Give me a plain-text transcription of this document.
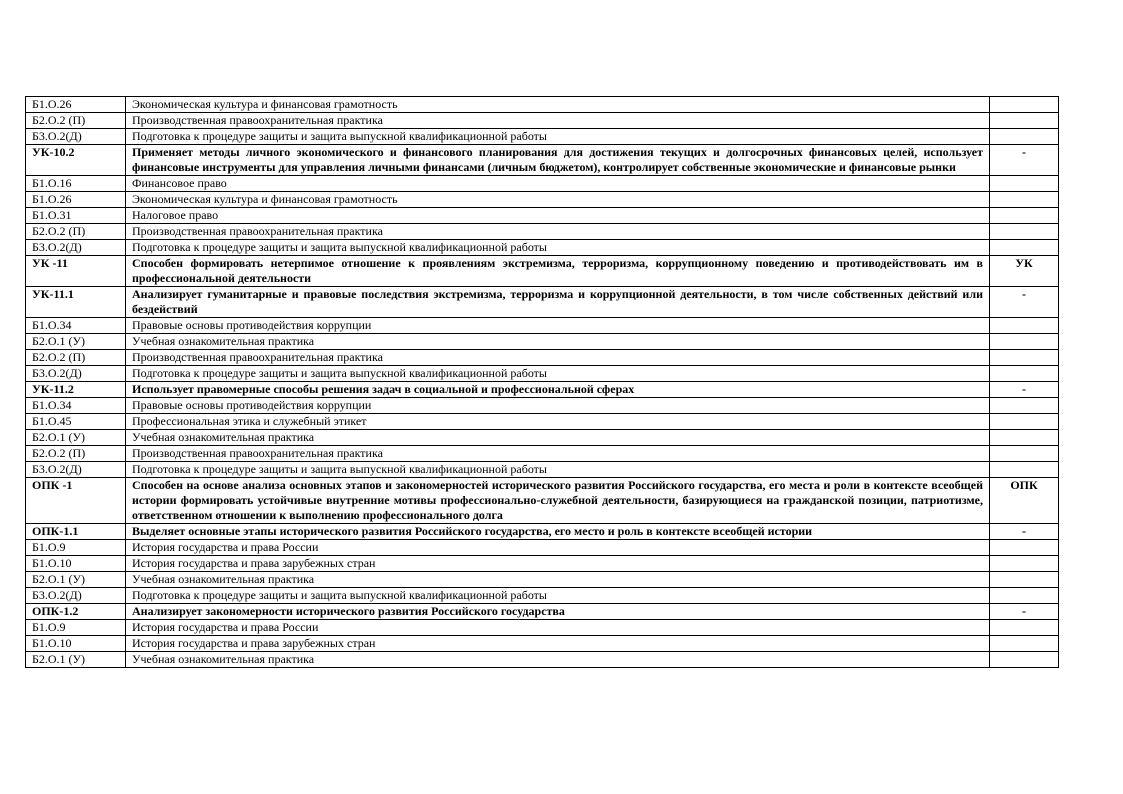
Б1.О.26	Экономическая культура и финансовая грамотность	
Б2.О.2 (П)	Производственная правоохранительная практика	
Б3.О.2(Д)	Подготовка к процедуре защиты и защита выпускной квалификационной работы	
УК-10.2	Применяет методы личного экономического и финансового планирования для достижения текущих и долгосрочных финансовых целей, использует финансовые инструменты для управления личными финансами (личным бюджетом), контролирует собственные экономические и финансовые рынки	-
Б1.О.16	Финансовое право	
Б1.О.26	Экономическая культура и финансовая грамотность	
Б1.О.31	Налоговое право	
Б2.О.2 (П)	Производственная правоохранительная практика	
Б3.О.2(Д)	Подготовка к процедуре защиты и защита выпускной квалификационной работы	
УК -11	Способен формировать нетерпимое отношение к проявлениям экстремизма, терроризма, коррупционному поведению и противодействовать им в профессиональной деятельности	УК
УК-11.1	Анализирует гуманитарные и правовые последствия экстремизма, терроризма и коррупционной деятельности, в том числе собственных действий или бездействий	-
Б1.О.34	Правовые основы противодействия коррупции	
Б2.О.1 (У)	Учебная ознакомительная практика	
Б2.О.2 (П)	Производственная правоохранительная практика	
Б3.О.2(Д)	Подготовка к процедуре защиты и защита выпускной квалификационной работы	
УК-11.2	Использует правомерные способы решения задач в социальной и профессиональной сферах	-
Б1.О.34	Правовые основы противодействия коррупции	
Б1.О.45	Профессиональная этика и служебный этикет	
Б2.О.1 (У)	Учебная ознакомительная практика	
Б2.О.2 (П)	Производственная правоохранительная практика	
Б3.О.2(Д)	Подготовка к процедуре защиты и защита выпускной квалификационной работы	
ОПК -1	Способен на основе анализа основных этапов и закономерностей исторического развития Российского государства, его места и роли в контексте всеобщей истории формировать устойчивые внутренние мотивы профессионально-служебной деятельности, базирующиеся на гражданской позиции, патриотизме, ответственном отношении к выполнению профессионального долга	ОПК
ОПК-1.1	Выделяет основные этапы исторического развития Российского государства, его место и роль в контексте всеобщей истории	-
Б1.О.9	История государства и права России	
Б1.О.10	История государства и права зарубежных стран	
Б2.О.1 (У)	Учебная ознакомительная практика	
Б3.О.2(Д)	Подготовка к процедуре защиты и защита выпускной квалификационной работы	
ОПК-1.2	Анализирует закономерности исторического развития Российского государства	-
Б1.О.9	История государства и права России	
Б1.О.10	История государства и права зарубежных стран	
Б2.О.1 (У)	Учебная ознакомительная практика	
